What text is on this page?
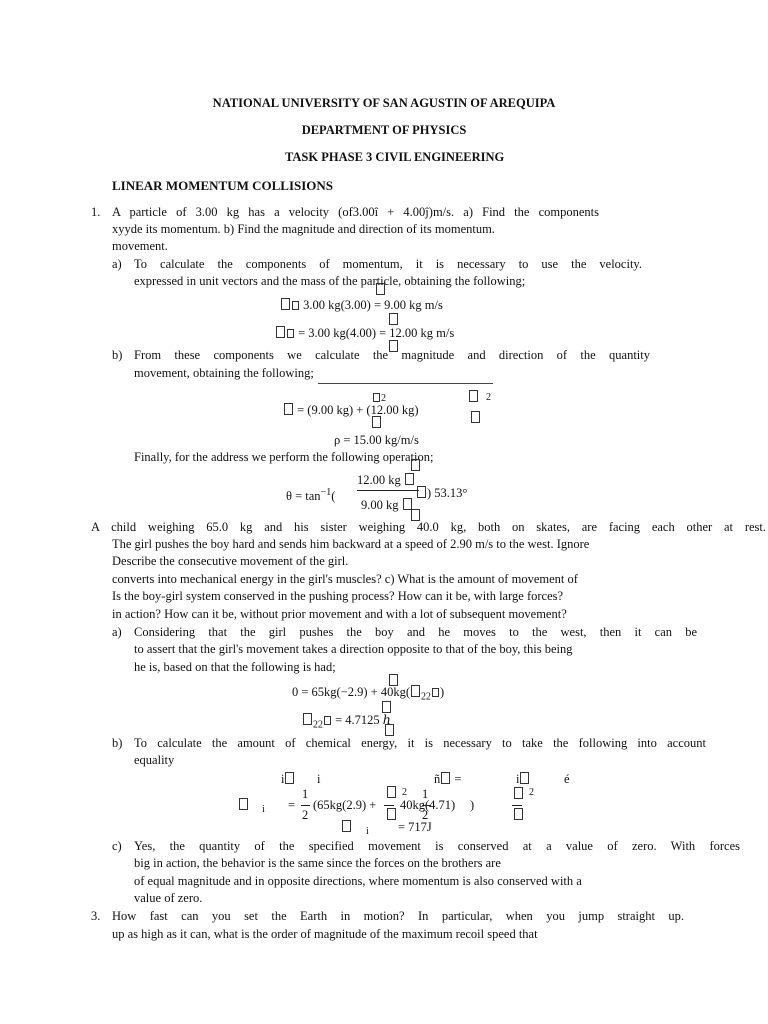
NATIONAL UNIVERSITY OF SAN AGUSTIN OF AREQUIPA
DEPARTMENT OF PHYSICS
TASK PHASE 3 CIVIL ENGINEERING
LINEAR MOMENTUM COLLISIONS
1. A particle of 3.00 kg has a velocity (of3.00î + 4.00ĵ)m/s. a) Find the components
xyyde its momentum. b) Find the magnitude and direction of its momentum.
movement.
a) To calculate the components of momentum, it is necessary to use the velocity.
expressed in unit vectors and the mass of the particle, obtaining the following;
3.00 kg(3.00) = 9.00 kg m/s
= 3.00 kg(4.00) = 12.00 kg m/s
b) From these components we calculate the magnitude and direction of the quantity
movement, obtaining the following;
2	2
= (9.00 kg) + (12.00 kg)
ρ = 15.00 kg/m/s
Finally, for the address we perform the following operation;
12.00 kg
$\theta = \tan^{-1}$(	) 53.13°
9.00 kg
A child weighing 65.0 kg and his sister weighing 40.0 kg, both on skates, are facing each other at rest.
The girl pushes the boy hard and sends him backward at a speed of 2.90 m/s to the west. Ignore
Describe the consecutive movement of the girl.
converts into mechanical energy in the girl's muscles? c) What is the amount of movement of
Is the boy-girl system conserved in the pushing process? How can it be, with large forces?
in action? How can it be, without prior movement and with a lot of subsequent movement?
a) Considering that the girl pushes the boy and he moves to the west, then it can be
to assert that the girl's movement takes a direction opposite to that of the boy, this being
he is, based on that the following is had;
0 = 65kg(−2.9) + 40kg( $_{22}$ )
$_{22}$ = 4.7125 ℎ
b) To calculate the amount of chemical energy, it is necessary to take the following into account
equality
i	i	ñ =	i	é
1	2 1	2
i = (65kg(2.9) + 40kg(4.71) )
2	2
i = 717J
c) Yes, the quantity of the specified movement is conserved at a value of zero. With forces
big in action, the behavior is the same since the forces on the brothers are
of equal magnitude and in opposite directions, where momentum is also conserved with a
value of zero.
3. How fast can you set the Earth in motion? In particular, when you jump straight up.
up as high as it can, what is the order of magnitude of the maximum recoil speed that
